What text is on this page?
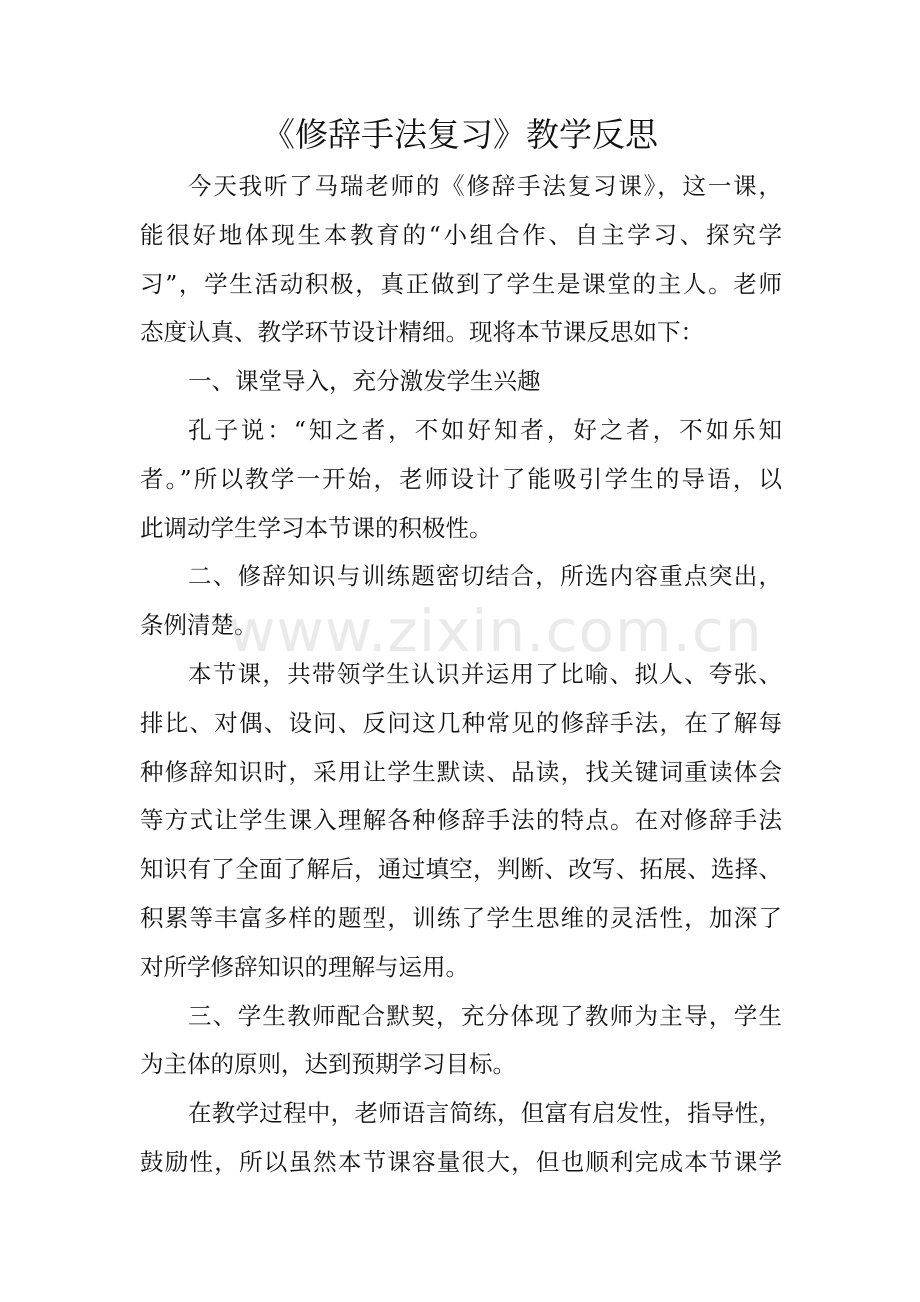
《修辞手法复习》教学反思

今天我听了马瑞老师的《修辞手法复习课》，这一课，
能很好地体现生本教育的“小组合作、自主学习、探究学
习”，学生活动积极，真正做到了学生是课堂的主人。老师
态度认真、教学环节设计精细。现将本节课反思如下：

一、课堂导入，充分激发学生兴趣

孔子说：“知之者，不如好知者，好之者，不如乐知
者。”所以教学一开始，老师设计了能吸引学生的导语，以
此调动学生学习本节课的积极性。

二、修辞知识与训练题密切结合，所选内容重点突出，
条例清楚。

本节课，共带领学生认识并运用了比喻、拟人、夸张、
排比、对偶、设问、反问这几种常见的修辞手法，在了解每
种修辞知识时，采用让学生默读、品读，找关键词重读体会
等方式让学生课入理解各种修辞手法的特点。在对修辞手法
知识有了全面了解后，通过填空，判断、改写、拓展、选择、
积累等丰富多样的题型，训练了学生思维的灵活性，加深了
对所学修辞知识的理解与运用。

三、学生教师配合默契，充分体现了教师为主导，学生
为主体的原则，达到预期学习目标。

在教学过程中，老师语言简练，但富有启发性，指导性，
鼓励性，所以虽然本节课容量很大，但也顺利完成本节课学

www.zixin.com.cn
